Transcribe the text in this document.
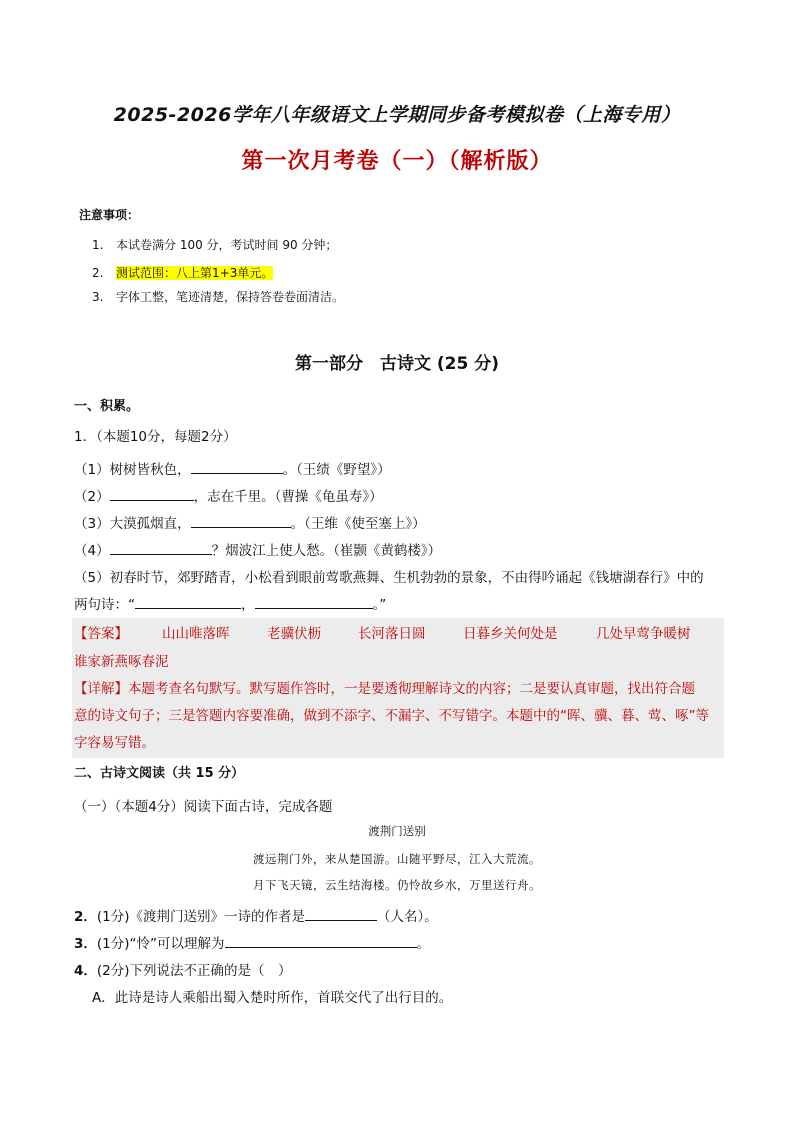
2025-2026学年八年级语文上学期同步备考模拟卷（上海专用）
第一次月考卷（一）（解析版）
注意事项：
1. 本试卷满分 100 分，考试时间 90 分钟；
2. 测试范围：八上第1+3单元。
3. 字体工整，笔迹清楚，保持答卷卷面清洁。
第一部分　古诗文 (25 分)
一、积累。
1．（本题10分，每题2分）
（1）树树皆秋色，	。（王绩《野望》）
（2）	，志在千里。（曹操《龟虽寿》）
（3）大漠孤烟直，	。（王维《使至塞上》）
（4）	？烟波江上使人愁。（崔颢《黄鹤楼》）
（5）初春时节，郊野踏青，小松看到眼前莺歌燕舞、生机勃勃的景象，不由得吟诵起《钱塘湖春行》中的
两句诗：“	，	。”
【答案】	山山唯落晖	老骥伏枥	长河落日圆	日暮乡关何处是	几处早莺争暖树
谁家新燕啄春泥
【详解】本题考查名句默写。默写题作答时，一是要透彻理解诗文的内容；二是要认真审题，找出符合题
意的诗文句子；三是答题内容要准确，做到不添字、不漏字、不写错字。本题中的“晖、骥、暮、莺、啄”等
字容易写错。
二、古诗文阅读（共 15 分）
（一）（本题4分）阅读下面古诗，完成各题
渡荆门送别
渡远荆门外，来从楚国游。山随平野尽，江入大荒流。
月下飞天镜，云生结海楼。仍怜故乡水，万里送行舟。
2．(1分)《渡荆门送别》一诗的作者是	（人名）。
3．(1分)“怜”可以理解为	。
4．(2分)下列说法不正确的是（　）
A．此诗是诗人乘船出蜀入楚时所作，首联交代了出行目的。
